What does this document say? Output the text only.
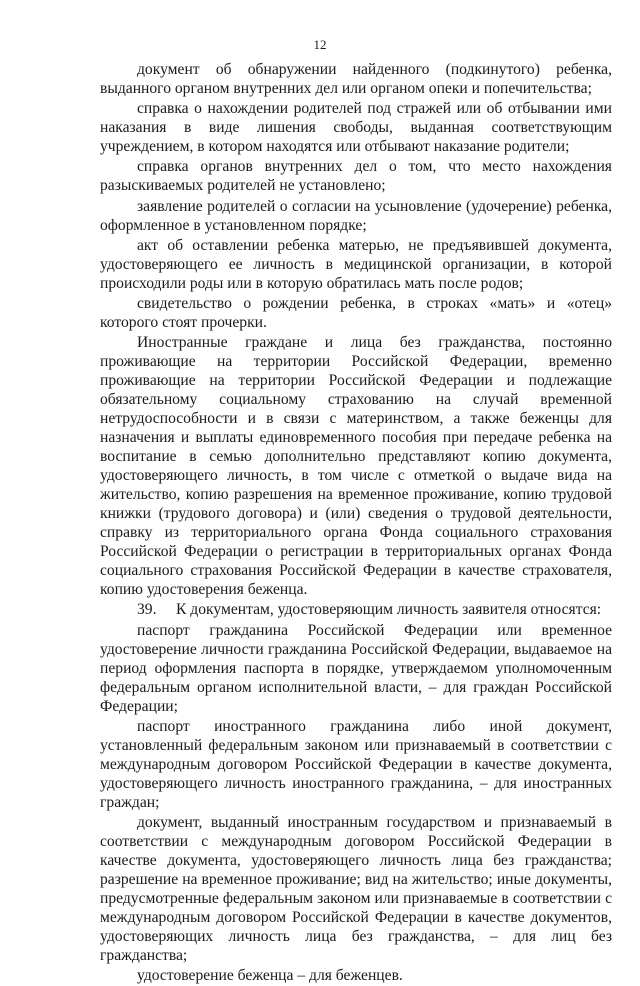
12

документ об обнаружении найденного (подкинутого) ребенка, выданного органом внутренних дел или органом опеки и попечительства;

справка о нахождении родителей под стражей или об отбывании ими наказания в виде лишения свободы, выданная соответствующим учреждением, в котором находятся или отбывают наказание родители;

справка органов внутренних дел о том, что место нахождения разыскиваемых родителей не установлено;

заявление родителей о согласии на усыновление (удочерение) ребенка, оформленное в установленном порядке;

акт об оставлении ребенка матерью, не предъявившей документа, удостоверяющего ее личность в медицинской организации, в которой происходили роды или в которую обратилась мать после родов;

свидетельство о рождении ребенка, в строках «мать» и «отец» которого стоят прочерки.

Иностранные граждане и лица без гражданства, постоянно проживающие на территории Российской Федерации, временно проживающие на территории Российской Федерации и подлежащие обязательному социальному страхованию на случай временной нетрудоспособности и в связи с материнством, а также беженцы для назначения и выплаты единовременного пособия при передаче ребенка на воспитание в семью дополнительно представляют копию документа, удостоверяющего личность, в том числе с отметкой о выдаче вида на жительство, копию разрешения на временное проживание, копию трудовой книжки (трудового договора) и (или) сведения о трудовой деятельности, справку из территориального органа Фонда социального страхования Российской Федерации о регистрации в территориальных органах Фонда социального страхования Российской Федерации в качестве страхователя, копию удостоверения беженца.

39.     К документам, удостоверяющим личность заявителя относятся:

паспорт гражданина Российской Федерации или временное удостоверение личности гражданина Российской Федерации, выдаваемое на период оформления паспорта в порядке, утверждаемом уполномоченным федеральным органом исполнительной власти, – для граждан Российской Федерации;

паспорт иностранного гражданина либо иной документ, установленный федеральным законом или признаваемый в соответствии с международным договором Российской Федерации в качестве документа, удостоверяющего личность иностранного гражданина, – для иностранных граждан;

документ, выданный иностранным государством и признаваемый в соответствии с международным договором Российской Федерации в качестве документа, удостоверяющего личность лица без гражданства; разрешение на временное проживание; вид на жительство; иные документы, предусмотренные федеральным законом или признаваемые в соответствии с международным договором Российской Федерации в качестве документов, удостоверяющих личность лица без гражданства, – для лиц без гражданства;

удостоверение беженца – для беженцев.
